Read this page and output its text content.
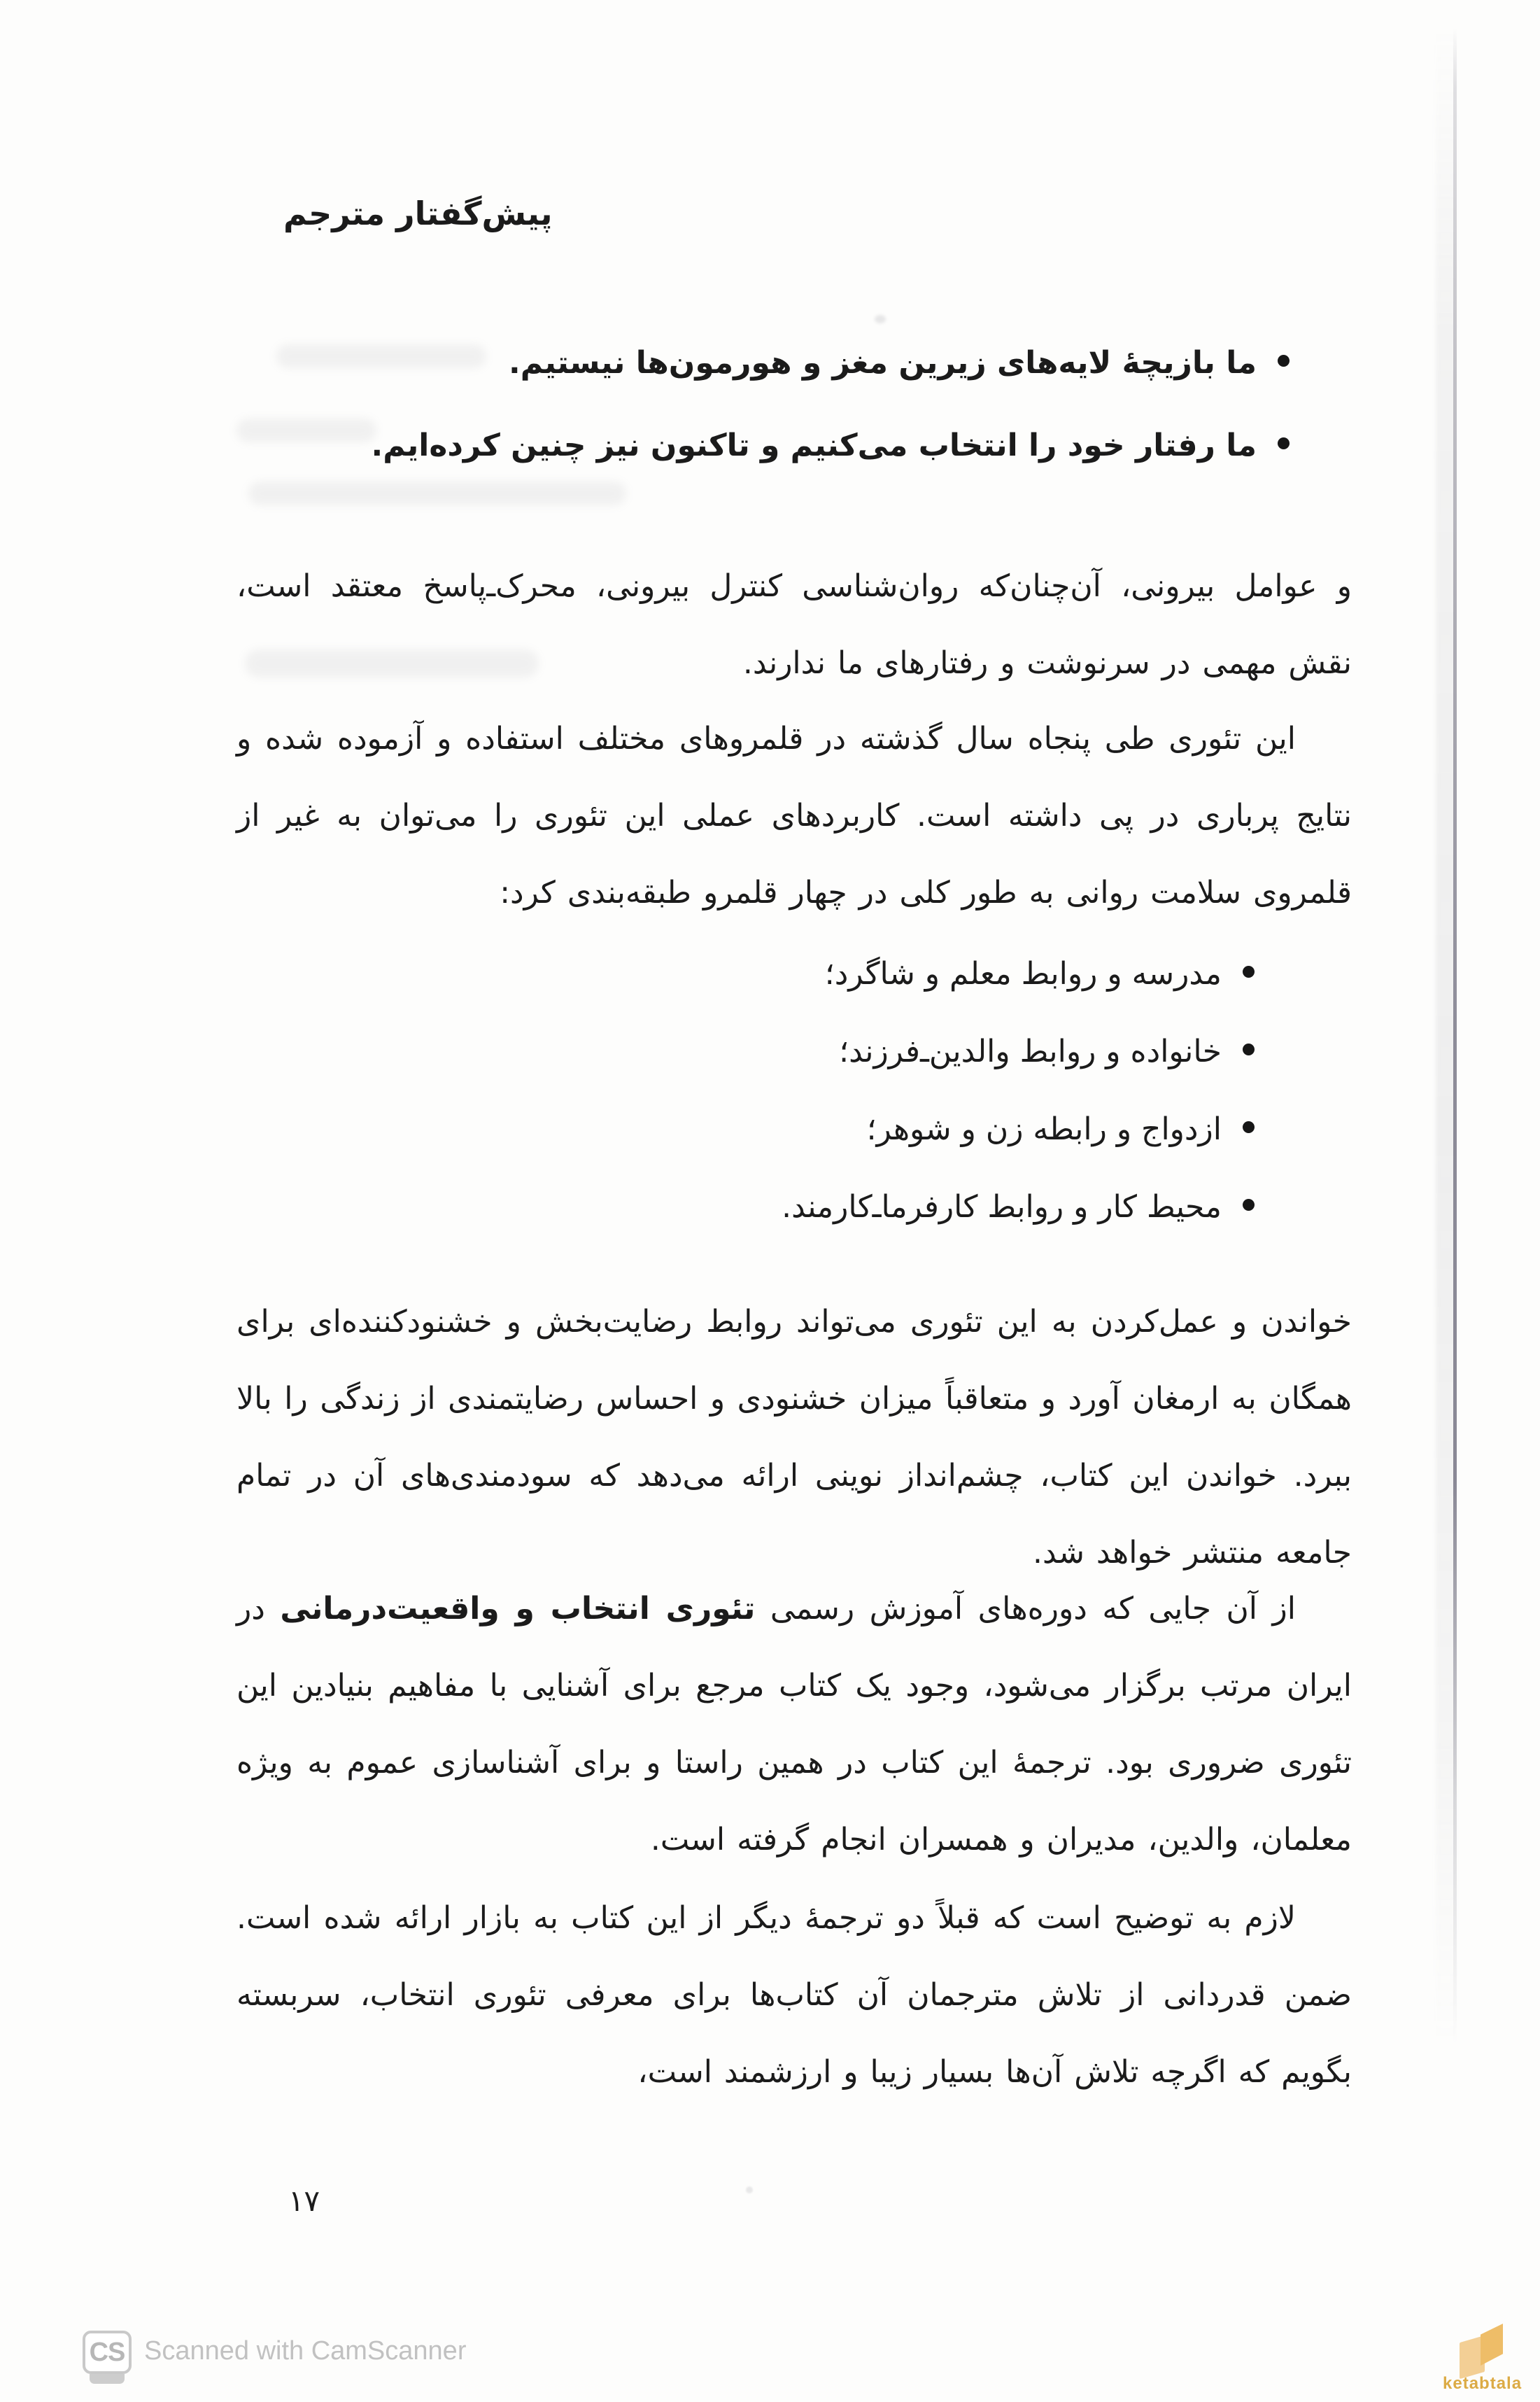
پیش‌گفتار مترجم
ما بازیچهٔ لایه‌های زیرین مغز و هورمون‌ها نیستیم.
ما رفتار خود را انتخاب می‌کنیم و تاکنون نیز چنین کرده‌ایم.

و عوامل بیرونی، آن‌چنان‌که روان‌شناسی کنترل بیرونی، محرک‌ـ‌پاسخ معتقد است، نقش مهمی در سرنوشت و رفتارهای ما ندارند.

این تئوری طی پنجاه سال گذشته در قلمروهای مختلف استفاده و آزموده شده و نتایج پرباری در پی داشته است. کاربردهای عملی این تئوری را می‌توان به غیر از قلمروی سلامت روانی به طور کلی در چهار قلمرو طبقه‌بندی کرد:

مدرسه و روابط معلم و شاگرد؛
خانواده و روابط والدین‌ـ‌فرزند؛
ازدواج و رابطه زن و شوهر؛
محیط کار و روابط کارفرما‌ـ‌کارمند.

خواندن و عمل‌کردن به این تئوری می‌تواند روابط رضایت‌بخش و خشنودکننده‌ای برای همگان به ارمغان آورد و متعاقباً میزان خشنودی و احساس رضایتمندی از زندگی را بالا ببرد. خواندن این کتاب، چشم‌انداز نوینی ارائه می‌دهد که سودمندی‌های آن در تمام جامعه منتشر خواهد شد.

از آن جایی که دوره‌های آموزش رسمی تئوری انتخاب و واقعیت‌درمانی در ایران مرتب برگزار می‌شود، وجود یک کتاب مرجع برای آشنایی با مفاهیم بنیادین این تئوری ضروری بود. ترجمهٔ این کتاب در همین راستا و برای آشناسازی عموم به ویژه معلمان، والدین، مدیران و همسران انجام گرفته است.

لازم به توضیح است که قبلاً دو ترجمهٔ دیگر از این کتاب به بازار ارائه شده است. ضمن قدردانی از تلاش مترجمان آن کتاب‌ها برای معرفی تئوری انتخاب، سربسته بگویم که اگرچه تلاش آن‌ها بسیار زیبا و ارزشمند است،

۱۷
CS Scanned with CamScanner
ketabtala
